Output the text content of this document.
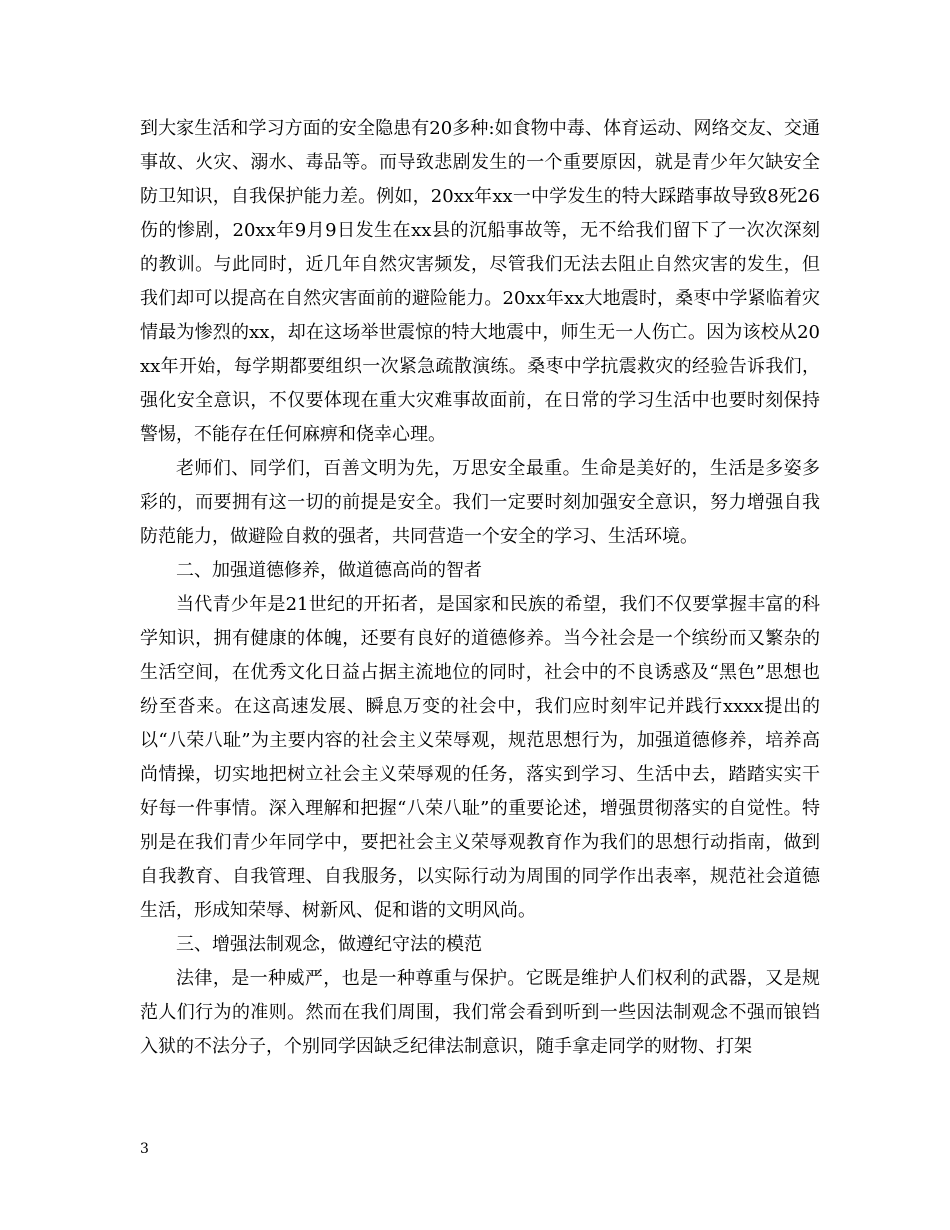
到大家生活和学习方面的安全隐患有20多种:如食物中毒、体育运动、网络交友、交通事故、火灾、溺水、毒品等。而导致悲剧发生的一个重要原因，就是青少年欠缺安全防卫知识，自我保护能力差。例如，20xx年xx一中学发生的特大踩踏事故导致8死26伤的惨剧，20xx年9月9日发生在xx县的沉船事故等，无不给我们留下了一次次深刻的教训。与此同时，近几年自然灾害频发，尽管我们无法去阻止自然灾害的发生，但我们却可以提高在自然灾害面前的避险能力。20xx年xx大地震时，桑枣中学紧临着灾情最为惨烈的xx，却在这场举世震惊的特大地震中，师生无一人伤亡。因为该校从20xx年开始，每学期都要组织一次紧急疏散演练。桑枣中学抗震救灾的经验告诉我们，强化安全意识，不仅要体现在重大灾难事故面前，在日常的学习生活中也要时刻保持警惕，不能存在任何麻痹和侥幸心理。

老师们、同学们，百善文明为先，万思安全最重。生命是美好的，生活是多姿多彩的，而要拥有这一切的前提是安全。我们一定要时刻加强安全意识，努力增强自我防范能力，做避险自救的强者，共同营造一个安全的学习、生活环境。

二、加强道德修养，做道德高尚的智者

当代青少年是21世纪的开拓者，是国家和民族的希望，我们不仅要掌握丰富的科学知识，拥有健康的体魄，还要有良好的道德修养。当今社会是一个缤纷而又繁杂的生活空间，在优秀文化日益占据主流地位的同时，社会中的不良诱惑及“黑色”思想也纷至沓来。在这高速发展、瞬息万变的社会中，我们应时刻牢记并践行xxxx提出的以“八荣八耻”为主要内容的社会主义荣辱观，规范思想行为，加强道德修养，培养高尚情操，切实地把树立社会主义荣辱观的任务，落实到学习、生活中去，踏踏实实干好每一件事情。深入理解和把握“八荣八耻”的重要论述，增强贯彻落实的自觉性。特别是在我们青少年同学中，要把社会主义荣辱观教育作为我们的思想行动指南，做到自我教育、自我管理、自我服务，以实际行动为周围的同学作出表率，规范社会道德生活，形成知荣辱、树新风、促和谐的文明风尚。

三、增强法制观念，做遵纪守法的模范

法律，是一种威严，也是一种尊重与保护。它既是维护人们权利的武器，又是规范人们行为的准则。然而在我们周围，我们常会看到听到一些因法制观念不强而锒铛入狱的不法分子，个别同学因缺乏纪律法制意识，随手拿走同学的财物、打架

3
